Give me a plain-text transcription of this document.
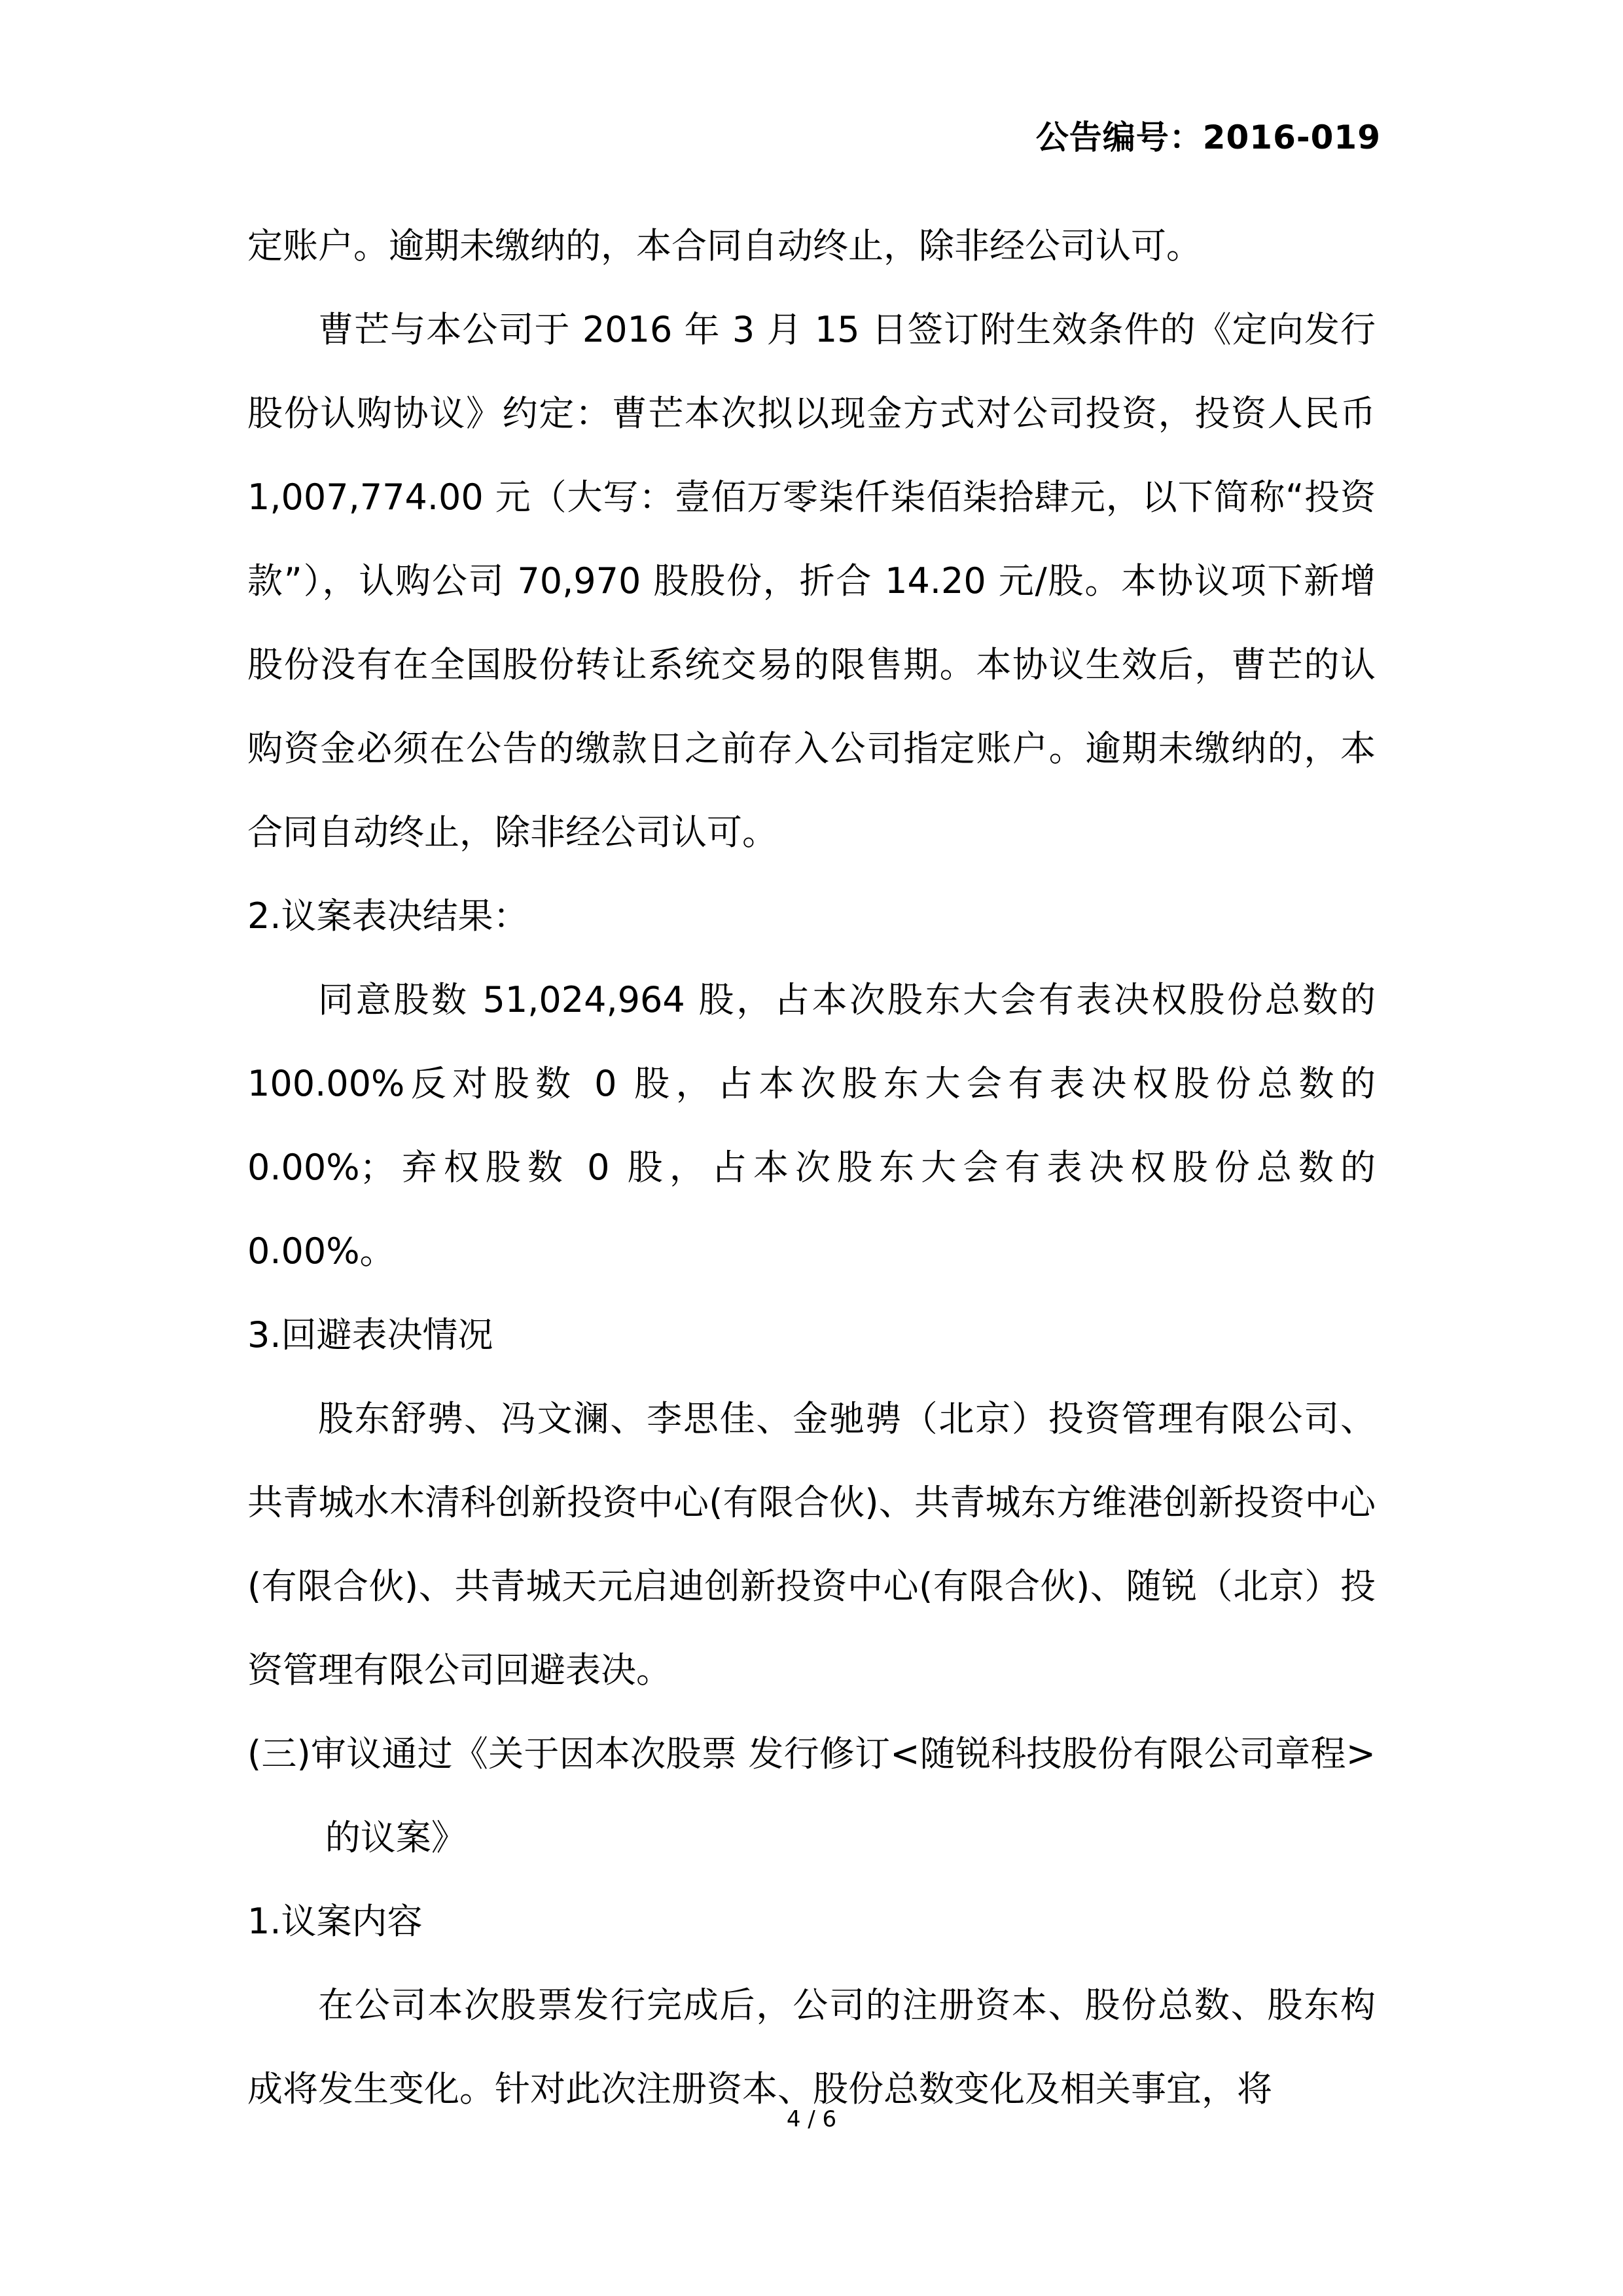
公告编号：2016-019

定账户。逾期未缴纳的，本合同自动终止，除非经公司认可。

曹芒与本公司于 2016 年 3 月 15 日签订附生效条件的《定向发行股份认购协议》约定：曹芒本次拟以现金方式对公司投资，投资人民币 1,007,774.00 元（大写：壹佰万零柒仟柒佰柒拾肆元，以下简称“投资款”），认购公司 70,970 股股份，折合 14.20 元/股。本协议项下新增股份没有在全国股份转让系统交易的限售期。本协议生效后，曹芒的认购资金必须在公告的缴款日之前存入公司指定账户。逾期未缴纳的，本合同自动终止，除非经公司认可。

2.议案表决结果：

同意股数 51,024,964 股，占本次股东大会有表决权股份总数的 100.00%反对股数 0 股，占本次股东大会有表决权股份总数的 0.00%；弃权股数 0 股，占本次股东大会有表决权股份总数的 0.00%。

3.回避表决情况

股东舒骋、冯文澜、李思佳、金驰骋（北京）投资管理有限公司、共青城水木清科创新投资中心(有限合伙)、共青城东方维港创新投资中心(有限合伙)、共青城天元启迪创新投资中心(有限合伙)、随锐（北京）投资管理有限公司回避表决。

(三)审议通过《关于因本次股票 发行修订<随锐科技股份有限公司章程>的议案》

1.议案内容

在公司本次股票发行完成后，公司的注册资本、股份总数、股东构成将发生变化。针对此次注册资本、股份总数变化及相关事宜，将

4 / 6
